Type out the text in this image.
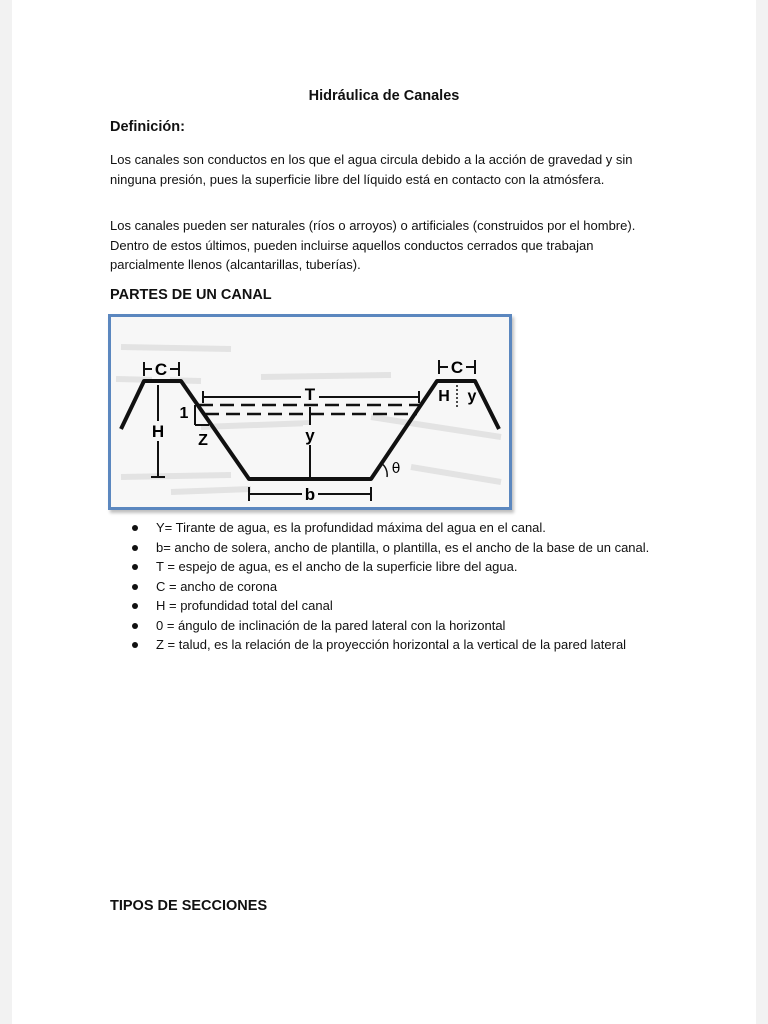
Hidráulica de Canales
Definición:

Los canales son conductos en los que el agua circula debido a la acción de gravedad y sin ninguna presión, pues la superficie libre del líquido está en contacto con la atmósfera.

Los canales pueden ser naturales (ríos o arroyos) o artificiales (construidos por el hombre). Dentro de estos últimos, pueden incluirse aquellos conductos cerrados que trabajan parcialmente llenos (alcantarillas, tuberías).

PARTES DE UN CANAL
C	C
H
T
y
1
Z
H y
θ
b
Y= Tirante de agua, es la profundidad máxima del agua en el canal.
b= ancho de solera, ancho de plantilla, o plantilla, es el ancho de la base de un canal.
T = espejo de agua, es el ancho de la superficie libre del agua.
C = ancho de corona
H = profundidad total del canal
0 = ángulo de inclinación de la pared lateral con la horizontal
Z = talud, es la relación de la proyección horizontal a la vertical de la pared lateral
TIPOS DE SECCIONES
